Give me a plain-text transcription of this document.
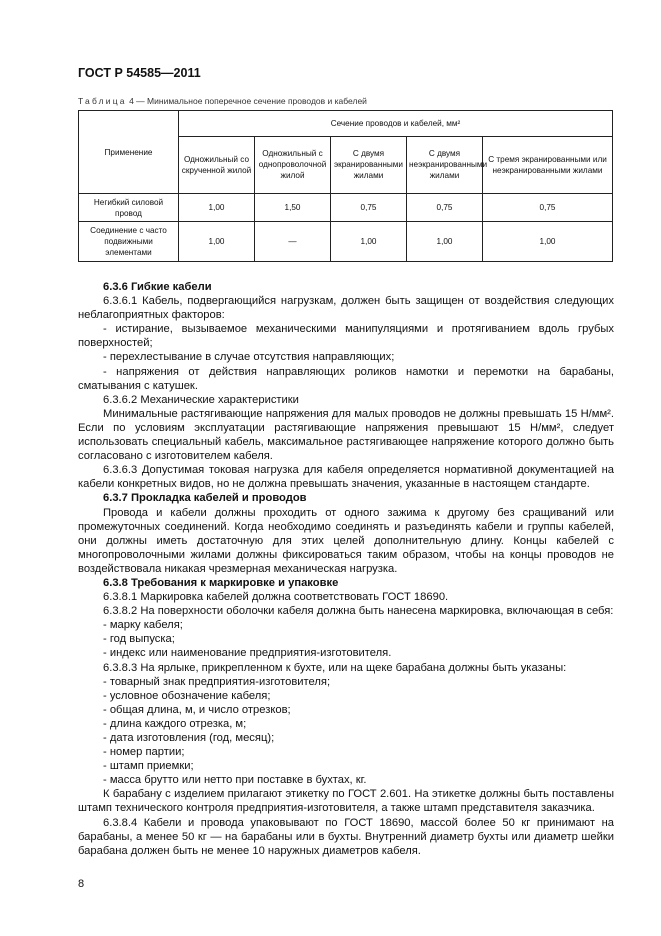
ГОСТ Р 54585—2011
Таблица 4 — Минимальное поперечное сечение проводов и кабелей
Применение	Сечение проводов и кабелей, мм²				
	Одножильный со скрученной жилой	Одножильный с однопроволочной жилой	С двумя экранированными жилами	С двумя неэкранированными жилами	С тремя экранированными или неэкранированными жилами
Негибкий силовой провод	1,00	1,50	0,75	0,75	0,75
Соединение с часто подвижными элементами	1,00	—	1,00	1,00	1,00

6.3.6 Гибкие кабели

6.3.6.1 Кабель, подвергающийся нагрузкам, должен быть защищен от воздействия следующих неблагоприятных факторов:

- истирание, вызываемое механическими манипуляциями и протягиванием вдоль грубых поверхностей;

- перехлестывание в случае отсутствия направляющих;

- напряжения от действия направляющих роликов намотки и перемотки на барабаны, сматывания с катушек.

6.3.6.2 Механические характеристики

Минимальные растягивающие напряжения для малых проводов не должны превышать 15 Н/мм². Если по условиям эксплуатации растягивающие напряжения превышают 15 Н/мм², следует использовать специальный кабель, максимальное растягивающее напряжение которого должно быть согласовано с изготовителем кабеля.

6.3.6.3 Допустимая токовая нагрузка для кабеля определяется нормативной документацией на кабели конкретных видов, но не должна превышать значения, указанные в настоящем стандарте.

6.3.7 Прокладка кабелей и проводов

Провода и кабели должны проходить от одного зажима к другому без сращиваний или промежуточных соединений. Когда необходимо соединять и разъединять кабели и группы кабелей, они должны иметь достаточную для этих целей дополнительную длину. Концы кабелей с многопроволочными жилами должны фиксироваться таким образом, чтобы на концы проводов не воздействовала никакая чрезмерная механическая нагрузка.

6.3.8 Требования к маркировке и упаковке

6.3.8.1 Маркировка кабелей должна соответствовать ГОСТ 18690.

6.3.8.2 На поверхности оболочки кабеля должна быть нанесена маркировка, включающая в себя:

- марку кабеля;

- год выпуска;

- индекс или наименование предприятия-изготовителя.

6.3.8.3 На ярлыке, прикрепленном к бухте, или на щеке барабана должны быть указаны:

- товарный знак предприятия-изготовителя;

- условное обозначение кабеля;

- общая длина, м, и число отрезков;

- длина каждого отрезка, м;

- дата изготовления (год, месяц);

- номер партии;

- штамп приемки;

- масса брутто или нетто при поставке в бухтах, кг.

К барабану с изделием прилагают этикетку по ГОСТ 2.601. На этикетке должны быть поставлены штамп технического контроля предприятия-изготовителя, а также штамп представителя заказчика.

6.3.8.4 Кабели и провода упаковывают по ГОСТ 18690, массой более 50 кг принимают на барабаны, а менее 50 кг — на барабаны или в бухты. Внутренний диаметр бухты или диаметр шейки барабана должен быть не менее 10 наружных диаметров кабеля.

8
